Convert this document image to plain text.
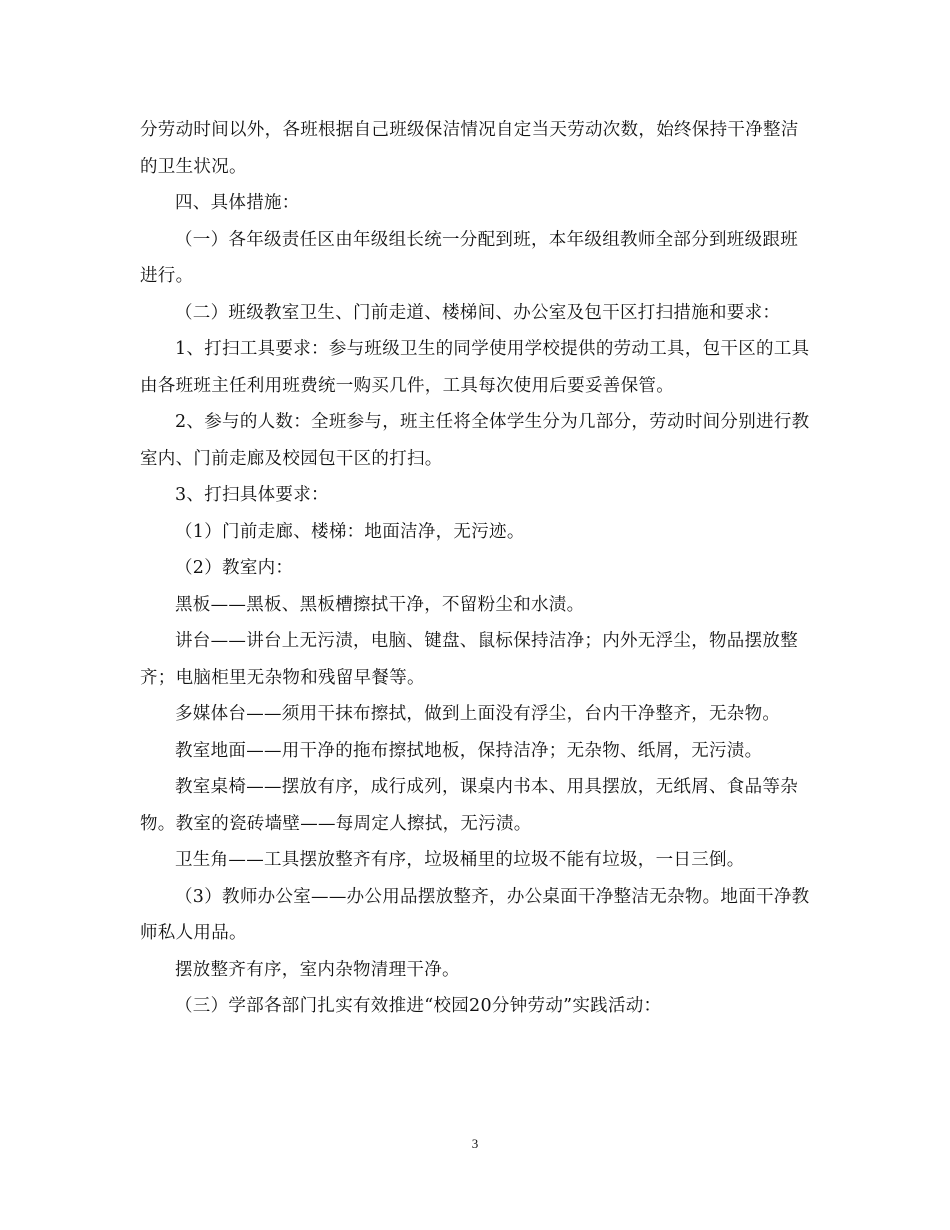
分劳动时间以外，各班根据自己班级保洁情况自定当天劳动次数，始终保持干净整洁的卫生状况。

四、具体措施：

（一）各年级责任区由年级组长统一分配到班，本年级组教师全部分到班级跟班进行。

（二）班级教室卫生、门前走道、楼梯间、办公室及包干区打扫措施和要求：

1、打扫工具要求：参与班级卫生的同学使用学校提供的劳动工具，包干区的工具由各班班主任利用班费统一购买几件，工具每次使用后要妥善保管。

2、参与的人数：全班参与，班主任将全体学生分为几部分，劳动时间分别进行教室内、门前走廊及校园包干区的打扫。

3、打扫具体要求：

（1）门前走廊、楼梯：地面洁净，无污迹。

（2）教室内：

黑板——黑板、黑板槽擦拭干净，不留粉尘和水渍。

讲台——讲台上无污渍，电脑、键盘、鼠标保持洁净；内外无浮尘，物品摆放整齐；电脑柜里无杂物和残留早餐等。

多媒体台——须用干抹布擦拭，做到上面没有浮尘，台内干净整齐，无杂物。

教室地面——用干净的拖布擦拭地板，保持洁净；无杂物、纸屑，无污渍。

教室桌椅——摆放有序，成行成列，课桌内书本、用具摆放，无纸屑、食品等杂物。教室的瓷砖墙壁——每周定人擦拭，无污渍。

卫生角——工具摆放整齐有序，垃圾桶里的垃圾不能有垃圾，一日三倒。

（3）教师办公室——办公用品摆放整齐，办公桌面干净整洁无杂物。地面干净教师私人用品。

摆放整齐有序，室内杂物清理干净。

（三）学部各部门扎实有效推进“校园20分钟劳动”实践活动：

3
